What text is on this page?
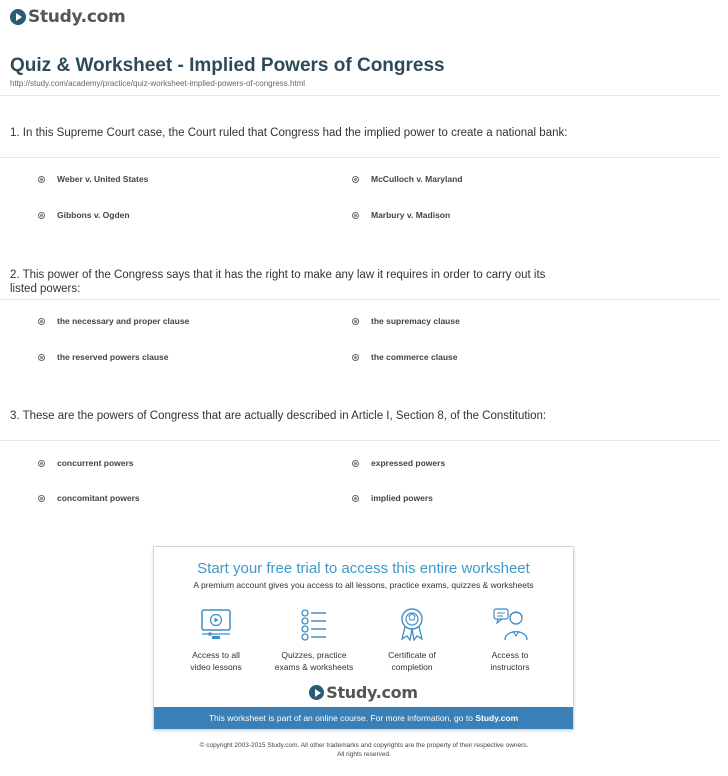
Study.com
Quiz & Worksheet - Implied Powers of Congress
http://study.com/academy/practice/quiz-worksheet-implied-powers-of-congress.html
1. In this Supreme Court case, the Court ruled that Congress had the implied power to create a national bank:
Weber v. United States	McCulloch v. Maryland
Gibbons v. Ogden	Marbury v. Madison
2. This power of the Congress says that it has the right to make any law it requires in order to carry out its listed powers:
the necessary and proper clause	the supremacy clause
the reserved powers clause	the commerce clause
3. These are the powers of Congress that are actually described in Article I, Section 8, of the Constitution:
concurrent powers	expressed powers
concomitant powers	implied powers
Start your free trial to access this entire worksheet
A premium account gives you access to all lessons, practice exams, quizzes & worksheets
Access to all
video lessons
Quizzes, practice
exams & worksheets
Certificate of
completion
Access to
instructors
Study.com
This worksheet is part of an online course. For more information, go to Study.com
© copyright 2003-2015 Study.com. All other trademarks and copyrights are the property of their respective owners.
All rights reserved.
